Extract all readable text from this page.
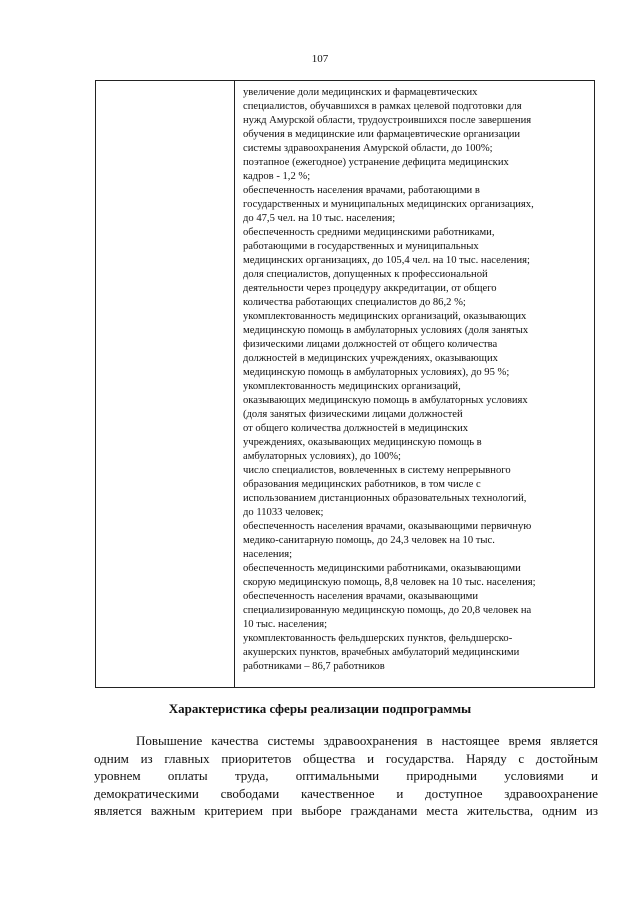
107
увеличение доли медицинских и фармацевтических
специалистов, обучавшихся в рамках целевой подготовки для
нужд Амурской области, трудоустроившихся после завершения
обучения в медицинские или фармацевтические организации
системы здравоохранения Амурской области, до 100%;
поэтапное (ежегодное) устранение дефицита медицинских
кадров - 1,2 %;
обеспеченность населения врачами, работающими в
государственных и муниципальных медицинских организациях,
до 47,5 чел. на 10 тыс. населения;
обеспеченность средними медицинскими работниками,
работающими в государственных и муниципальных
медицинских организациях, до 105,4 чел. на 10 тыс. населения;
доля специалистов, допущенных к профессиональной
деятельности через процедуру аккредитации, от общего
количества работающих специалистов до 86,2 %;
укомплектованность медицинских организаций, оказывающих
медицинскую помощь в амбулаторных условиях (доля занятых
физическими лицами должностей от общего количества
должностей в медицинских учреждениях, оказывающих
медицинскую помощь в амбулаторных условиях), до 95 %;
укомплектованность медицинских организаций,
оказывающих медицинскую помощь в амбулаторных условиях
(доля занятых физическими лицами должностей
от общего количества должностей в медицинских
учреждениях, оказывающих медицинскую помощь в
амбулаторных условиях), до 100%;
число специалистов, вовлеченных в систему непрерывного
образования медицинских работников, в том числе с
использованием дистанционных образовательных технологий,
до 11033 человек;
обеспеченность населения врачами, оказывающими первичную
медико-санитарную помощь, до 24,3 человек на 10 тыс.
населения;
обеспеченность медицинскими работниками, оказывающими
скорую медицинскую помощь, 8,8 человек на 10 тыс. населения;
обеспеченность населения врачами, оказывающими
специализированную медицинскую помощь, до 20,8 человек на
10 тыс. населения;
укомплектованность фельдшерских пунктов, фельдшерско-
акушерских пунктов, врачебных амбулаторий медицинскими
работниками – 86,7 работников
Характеристика сферы реализации подпрограммы
Повышение качества системы здравоохранения в настоящее время является
одним из главных приоритетов общества и государства. Наряду с достойным
уровнем оплаты труда, оптимальными природными условиями и
демократическими свободами качественное и доступное здравоохранение
является важным критерием при выборе гражданами места жительства, одним из
